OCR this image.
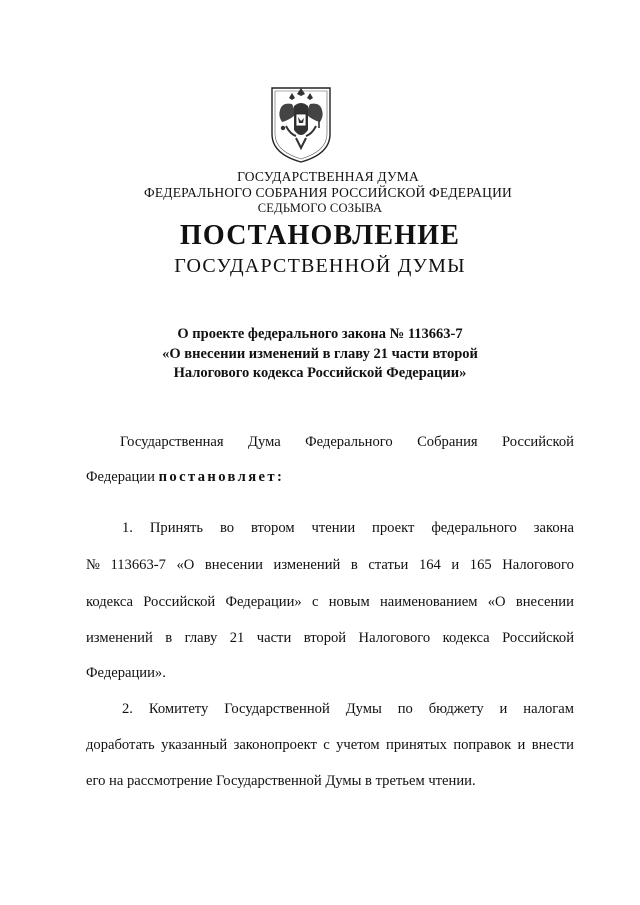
ГОСУДАРСТВЕННАЯ ДУМА
ФЕДЕРАЛЬНОГО СОБРАНИЯ РОССИЙСКОЙ ФЕДЕРАЦИИ
СЕДЬМОГО СОЗЫВА
ПОСТАНОВЛЕНИЕ
ГОСУДАРСТВЕННОЙ ДУМЫ
О проекте федерального закона № 113663-7
«О внесении изменений в главу 21 части второй
Налогового кодекса Российской Федерации»
Государственная Дума Федерального Собрания Российской
Федерации постановляет:
1. Принять во втором чтении проект федерального закона
№ 113663-7 «О внесении изменений в статьи 164 и 165 Налогового
кодекса Российской Федерации» с новым наименованием «О внесении
изменений в главу 21 части второй Налогового кодекса Российской
Федерации».
2. Комитету Государственной Думы по бюджету и налогам
доработать указанный законопроект с учетом принятых поправок и внести
его на рассмотрение Государственной Думы в третьем чтении.
